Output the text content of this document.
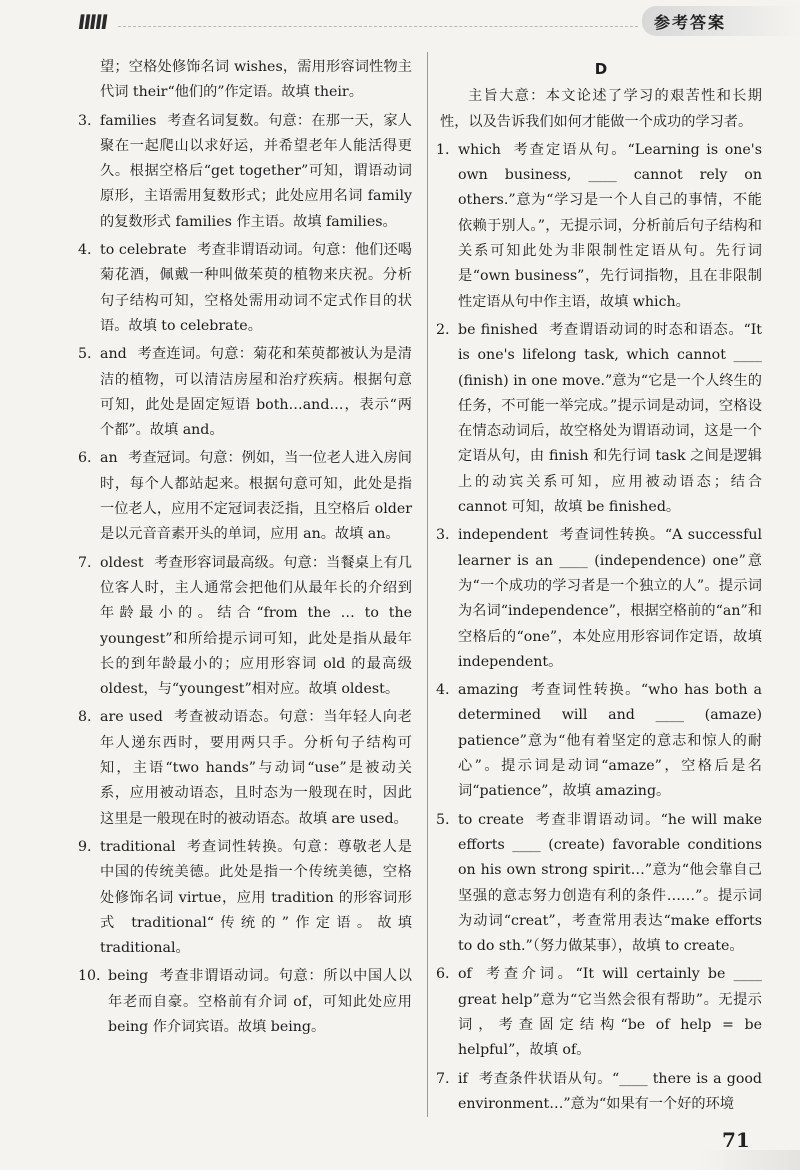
ⅡⅢ	参考答案
望；空格处修饰名词 wishes，需用形容词性物主代词 their“他们的”作定语。故填 their。
3. families 考查名词复数。句意：在那一天，家人聚在一起爬山以求好运，并希望老年人能活得更久。根据空格后“get together”可知，谓语动词原形，主语需用复数形式；此处应用名词 family 的复数形式 families 作主语。故填 families。
4. to celebrate 考查非谓语动词。句意：他们还喝菊花酒，佩戴一种叫做茱萸的植物来庆祝。分析句子结构可知，空格处需用动词不定式作目的状语。故填 to celebrate。
5. and 考查连词。句意：菊花和茱萸都被认为是清洁的植物，可以清洁房屋和治疗疾病。根据句意可知，此处是固定短语 both…and…，表示“两个都”。故填 and。
6. an 考查冠词。句意：例如，当一位老人进入房间时，每个人都站起来。根据句意可知，此处是指一位老人，应用不定冠词表泛指，且空格后 older 是以元音音素开头的单词，应用 an。故填 an。
7. oldest 考查形容词最高级。句意：当餐桌上有几位客人时，主人通常会把他们从最年长的介绍到年龄最小的。结合“from the … to the youngest”和所给提示词可知，此处是指从最年长的到年龄最小的；应用形容词 old 的最高级 oldest，与“youngest”相对应。故填 oldest。
8. are used 考查被动语态。句意：当年轻人向老年人递东西时，要用两只手。分析句子结构可知，主语“two hands”与动词“use”是被动关系，应用被动语态，且时态为一般现在时，因此这里是一般现在时的被动语态。故填 are used。
9. traditional 考查词性转换。句意：尊敬老人是中国的传统美德。此处是指一个传统美德，空格处修饰名词 virtue，应用 tradition 的形容词形式 traditional“传统的”作定语。故填 traditional。
10. being 考查非谓语动词。句意：所以中国人以年老而自豪。空格前有介词 of，可知此处应用 being 作介词宾语。故填 being。
D
主旨大意：本文论述了学习的艰苦性和长期性，以及告诉我们如何才能做一个成功的学习者。
1. which 考查定语从句。“Learning is one's own business, ____ cannot rely on others.”意为“学习是一个人自己的事情，不能依赖于别人。”，无提示词，分析前后句子结构和关系可知此处为非限制性定语从句。先行词是“own business”，先行词指物，且在非限制性定语从句中作主语，故填 which。
2. be finished 考查谓语动词的时态和语态。“It is one's lifelong task, which cannot ____ (finish) in one move.”意为“它是一个人终生的任务，不可能一举完成。”提示词是动词，空格设在情态动词后，故空格处为谓语动词，这是一个定语从句，由 finish 和先行词 task 之间是逻辑上的动宾关系可知，应用被动语态；结合 cannot 可知，故填 be finished。
3. independent 考查词性转换。“A successful learner is an ____ (independence) one”意为“一个成功的学习者是一个独立的人”。提示词为名词“independence”，根据空格前的“an”和空格后的“one”，本处应用形容词作定语，故填 independent。
4. amazing 考查词性转换。“who has both a determined will and ____ (amaze) patience”意为“他有着坚定的意志和惊人的耐心”。提示词是动词“amaze”，空格后是名词“patience”，故填 amazing。
5. to create 考查非谓语动词。“he will make efforts ____ (create) favorable conditions on his own strong spirit…”意为“他会靠自己坚强的意志努力创造有利的条件……”。提示词为动词“creat”，考查常用表达“make efforts to do sth.”（努力做某事），故填 to create。
6. of 考查介词。“It will certainly be ____ great help”意为“它当然会很有帮助”。无提示词，考查固定结构“be of help = be helpful”，故填 of。
7. if 考查条件状语从句。“____ there is a good environment…”意为“如果有一个好的环境
71
